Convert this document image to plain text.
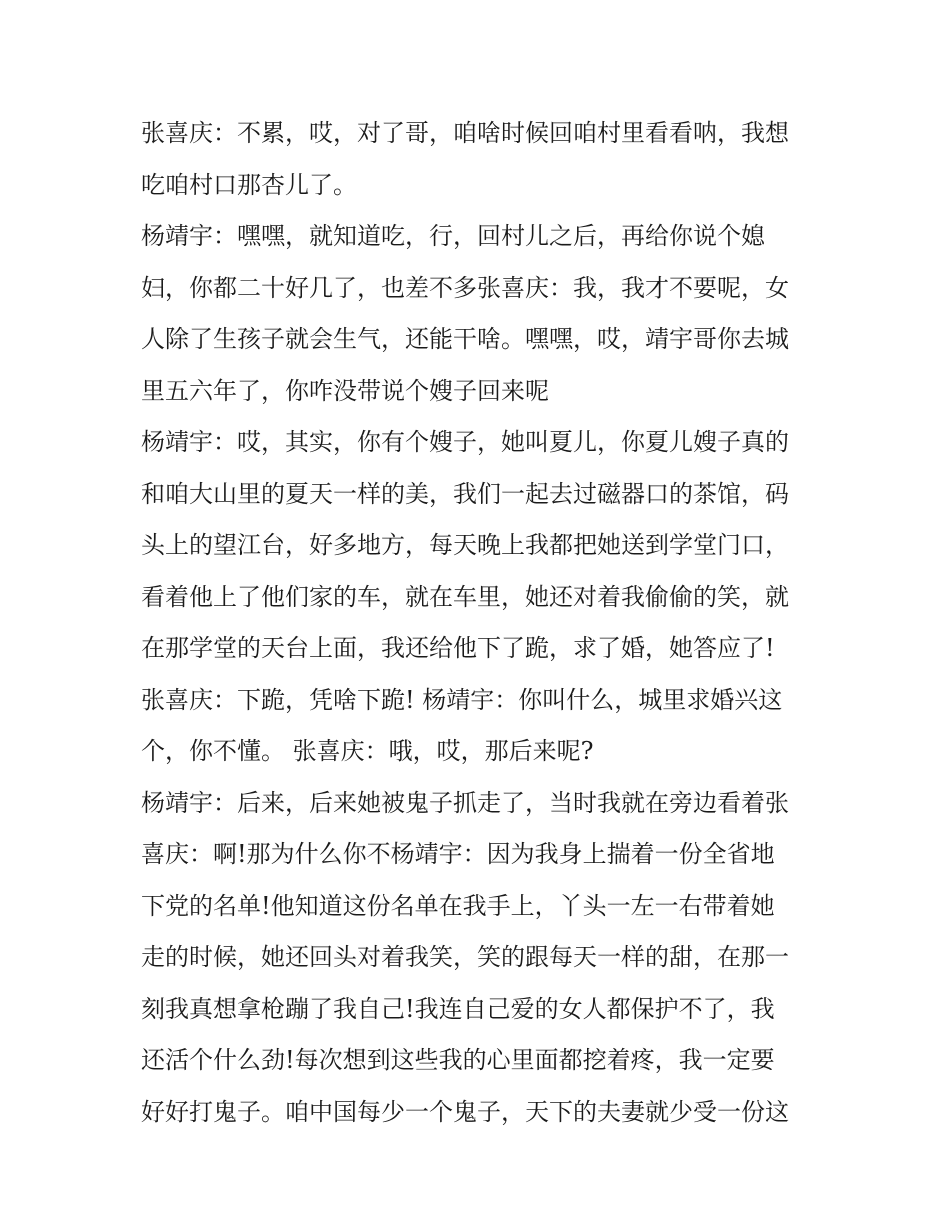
张喜庆：不累，哎，对了哥，咱啥时候回咱村里看看呐，我想
吃咱村口那杏儿了。
杨靖宇：嘿嘿，就知道吃，行，回村儿之后，再给你说个媳
妇，你都二十好几了，也差不多张喜庆：我，我才不要呢，女
人除了生孩子就会生气，还能干啥。嘿嘿，哎，靖宇哥你去城
里五六年了，你咋没带说个嫂子回来呢
杨靖宇：哎，其实，你有个嫂子，她叫夏儿，你夏儿嫂子真的
和咱大山里的夏天一样的美，我们一起去过磁器口的茶馆，码
头上的望江台，好多地方，每天晚上我都把她送到学堂门口，
看着他上了他们家的车，就在车里，她还对着我偷偷的笑，就
在那学堂的天台上面，我还给他下了跪，求了婚，她答应了!
张喜庆：下跪，凭啥下跪! 杨靖宇：你叫什么，城里求婚兴这
个，你不懂。 张喜庆：哦，哎，那后来呢?
杨靖宇：后来，后来她被鬼子抓走了，当时我就在旁边看着张
喜庆：啊!那为什么你不杨靖宇：因为我身上揣着一份全省地
下党的名单!他知道这份名单在我手上，丫头一左一右带着她
走的时候，她还回头对着我笑，笑的跟每天一样的甜，在那一
刻我真想拿枪蹦了我自己!我连自己爱的女人都保护不了，我
还活个什么劲!每次想到这些我的心里面都挖着疼，我一定要
好好打鬼子。咱中国每少一个鬼子，天下的夫妻就少受一份这
